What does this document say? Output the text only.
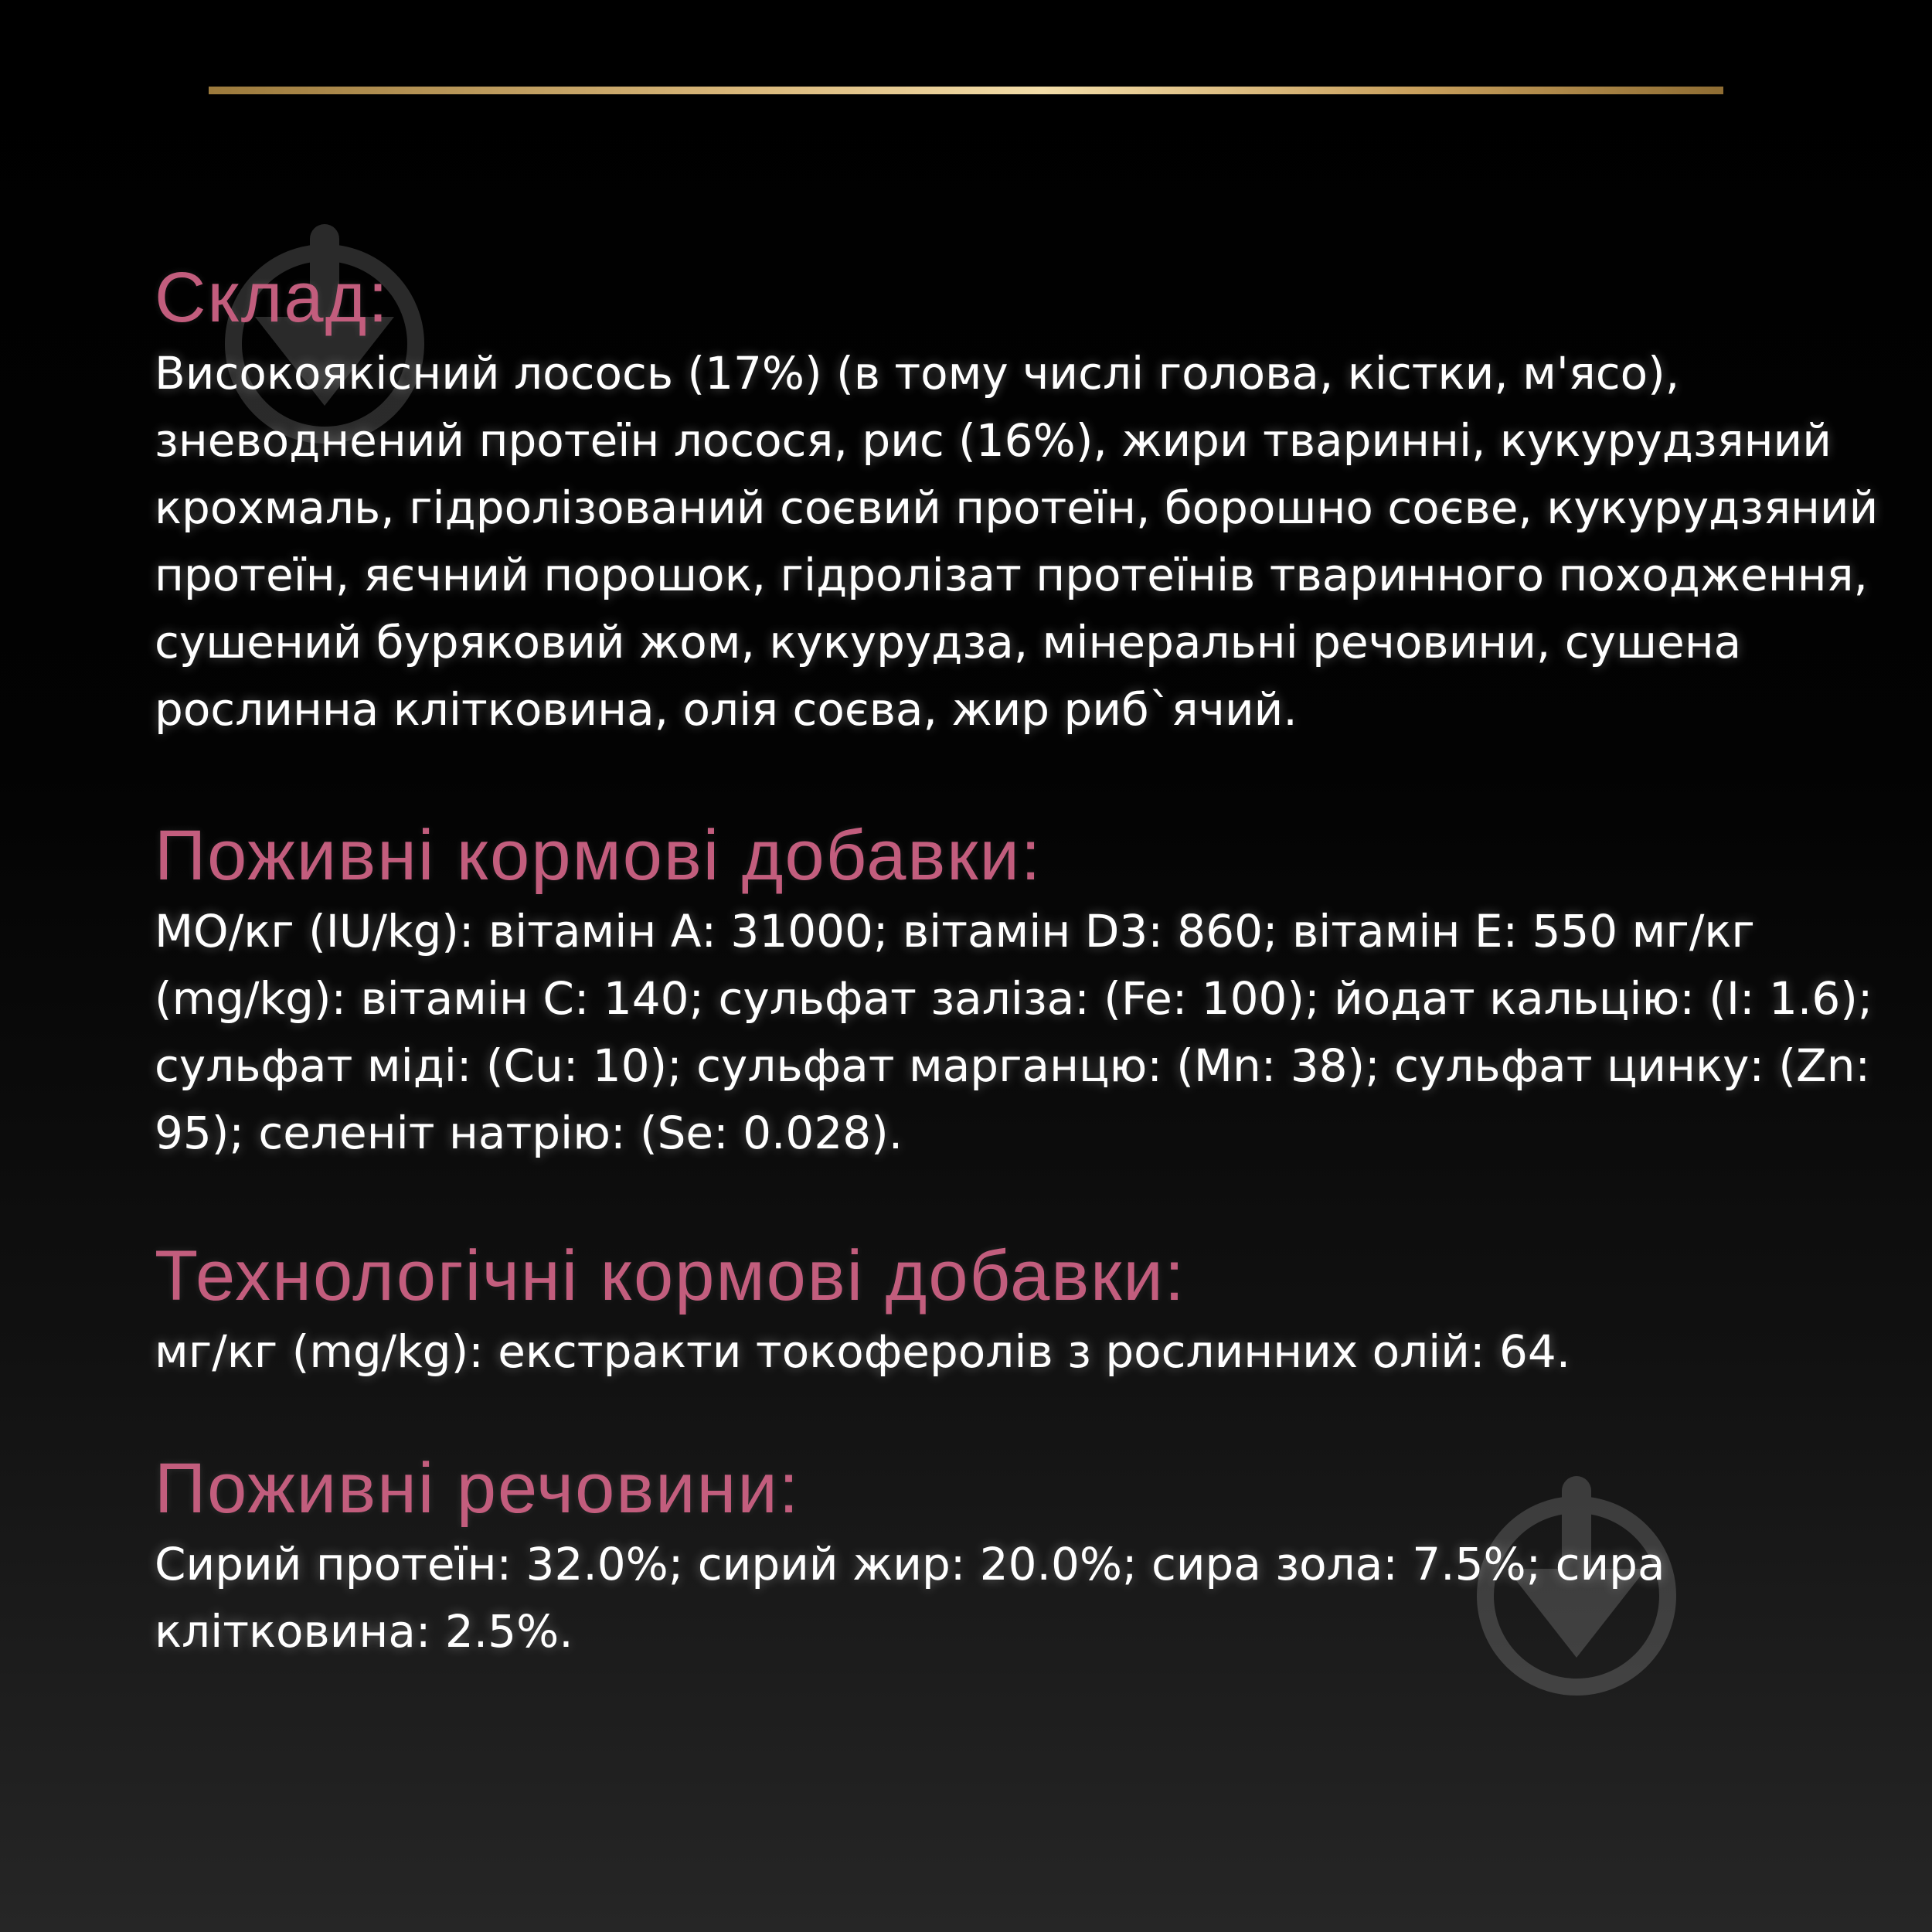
Склад:

Високоякісний лосось (17%) (в тому числі голова, кістки, м'ясо), зневоднений протеїн лосося, рис (16%), жири тваринні, кукурудзяний крохмаль, гідролізований соєвий протеїн, борошно соєве, кукурудзяний протеїн, яєчний порошок, гідролізат протеїнів тваринного походження, сушений буряковий жом, кукурудза, мінеральні речовини, сушена рослинна клітковина, олія соєва, жир риб`ячий.

Поживні кормові добавки:

МО/кг (IU/kg): вітамін А: 31000; вітамін D3: 860; вітамін Е: 550 мг/кг (mg/kg): вітамін С: 140; сульфат заліза: (Fe: 100); йодат кальцію: (I: 1.6); сульфат міді: (Cu: 10); сульфат марганцю: (Mn: 38); сульфат цинку: (Zn: 95); селеніт натрію: (Se: 0.028).

Технологічні кормові добавки:

мг/кг (mg/kg): екстракти токоферолів з рослинних олій: 64.

Поживні речовини:

Сирий протеїн: 32.0%; сирий жир: 20.0%; сира зола: 7.5%; сира клітковина: 2.5%.
